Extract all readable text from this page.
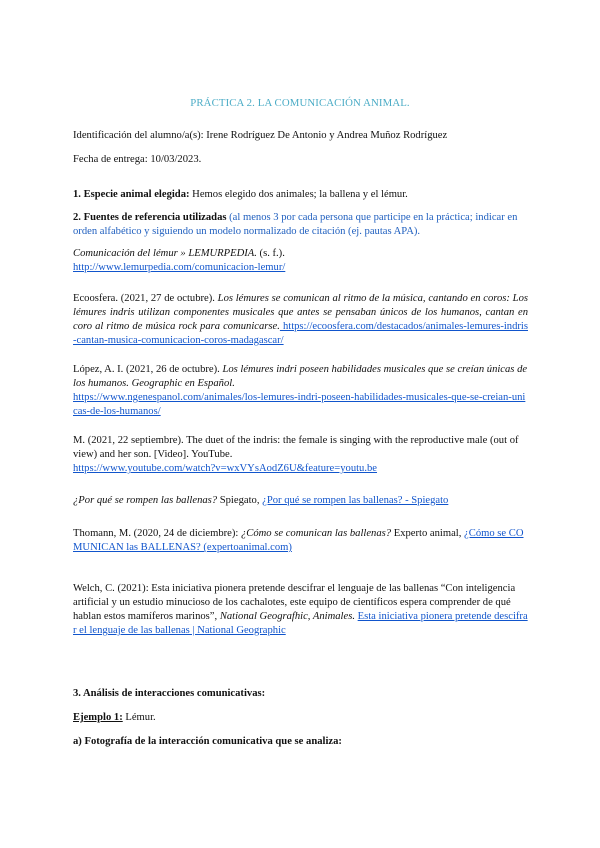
PRÁCTICA 2. LA COMUNICACIÓN ANIMAL.

Identificación del alumno/a(s): Irene Rodríguez De Antonio y Andrea Muñoz Rodríguez

Fecha de entrega: 10/03/2023.

1. Especie animal elegida: Hemos elegido dos animales; la ballena y el lémur.

2. Fuentes de referencia utilizadas (al menos 3 por cada persona que participe en la práctica; indicar en orden alfabético y siguiendo un modelo normalizado de citación (ej. pautas APA).

Comunicación del lémur » LEMURPEDIA. (s. f.).
http://www.lemurpedia.com/comunicacion-lemur/

Ecoosfera. (2021, 27 de octubre). Los lémures se comunican al ritmo de la música, cantando en coros: Los lémures indris utilizan componentes musicales que antes se pensaban únicos de los humanos, cantan en coro al ritmo de música rock para comunicarse. https://ecoosfera.com/destacados/animales-lemures-indris-cantan-musica-comunicacion-coros-madagascar/

López, A. I. (2021, 26 de octubre). Los lémures indri poseen habilidades musicales que se creían únicas de los humanos. Geographic en Español.
https://www.ngenespanol.com/animales/los-lemures-indri-poseen-habilidades-musicales-que-se-creian-unicas-de-los-humanos/

M. (2021, 22 septiembre). The duet of the indris: the female is singing with the reproductive male (out of view) and her son. [Video]. YouTube.
https://www.youtube.com/watch?v=wxVYsAodZ6U&feature=youtu.be

¿Por qué se rompen las ballenas? Spiegato, ¿Por qué se rompen las ballenas? - Spiegato

Thomann, M. (2020, 24 de diciembre): ¿Cómo se comunican las ballenas? Experto animal, ¿Cómo se COMUNICAN las BALLENAS? (expertoanimal.com)

Welch, C. (2021): Esta iniciativa pionera pretende descifrar el lenguaje de las ballenas “Con inteligencia artificial y un estudio minucioso de los cachalotes, este equipo de científicos espera comprender de qué hablan estos mamíferos marinos”, National Geografhic, Animales. Esta iniciativa pionera pretende descifrar el lenguaje de las ballenas | National Geographic

3. Análisis de interacciones comunicativas:

Ejemplo 1: Lémur.

a) Fotografía de la interacción comunicativa que se analiza:
